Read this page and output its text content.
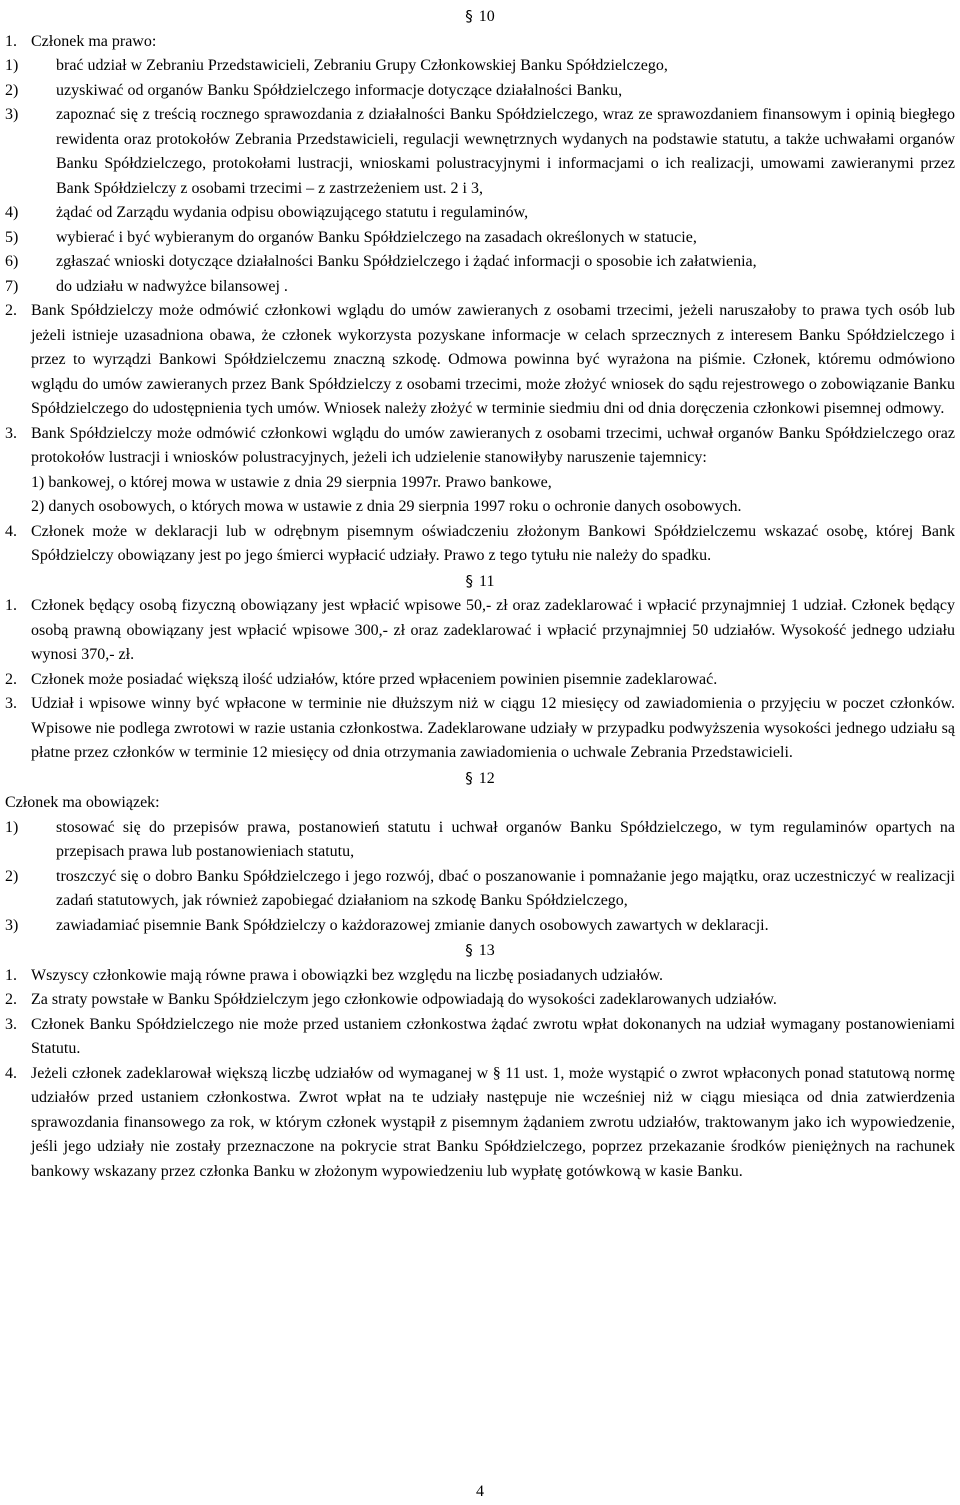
§ 10
1. Członek ma prawo:
1)	brać udział w Zebraniu Przedstawicieli, Zebraniu Grupy Członkowskiej Banku Spółdzielczego,
2)	uzyskiwać od organów Banku Spółdzielczego informacje dotyczące działalności Banku,
3)	zapoznać się z treścią rocznego sprawozdania z działalności Banku Spółdzielczego, wraz ze sprawozdaniem finansowym i opinią biegłego rewidenta oraz protokołów Zebrania Przedstawicieli, regulacji wewnętrznych wydanych na podstawie statutu, a także uchwałami organów Banku Spółdzielczego, protokołami lustracji, wnioskami polustracyjnymi i informacjami o ich realizacji, umowami zawieranymi przez Bank Spółdzielczy z osobami trzecimi – z zastrzeżeniem ust. 2 i 3,
4)	żądać od Zarządu wydania odpisu obowiązującego statutu i regulaminów,
5)	wybierać i być wybieranym do organów Banku Spółdzielczego na zasadach określonych w statucie,
6)	zgłaszać wnioski dotyczące działalności Banku Spółdzielczego i żądać informacji o sposobie ich załatwienia,
7)	do udziału w nadwyżce bilansowej .
2. Bank Spółdzielczy może odmówić członkowi wglądu do umów zawieranych z osobami trzecimi, jeżeli naruszałoby to prawa tych osób lub jeżeli istnieje uzasadniona obawa, że członek wykorzysta pozyskane informacje w celach sprzecznych z interesem Banku Spółdzielczego i przez to wyrządzi Bankowi Spółdzielczemu znaczną szkodę. Odmowa powinna być wyrażona na piśmie. Członek, któremu odmówiono wglądu do umów zawieranych przez Bank Spółdzielczy z osobami trzecimi, może złożyć wniosek do sądu rejestrowego o zobowiązanie Banku Spółdzielczego do udostępnienia tych umów. Wniosek należy złożyć w terminie siedmiu dni od dnia doręczenia członkowi pisemnej odmowy.
3. Bank Spółdzielczy może odmówić członkowi wglądu do umów zawieranych z osobami trzecimi, uchwał organów Banku Spółdzielczego oraz protokołów lustracji i wniosków polustracyjnych, jeżeli ich udzielenie stanowiłyby naruszenie tajemnicy:
1) bankowej, o której mowa w ustawie z dnia 29 sierpnia 1997r. Prawo bankowe,
2) danych osobowych, o których mowa w ustawie z dnia 29 sierpnia 1997 roku o ochronie danych osobowych.
4. Członek może w deklaracji lub w odrębnym pisemnym oświadczeniu złożonym Bankowi Spółdzielczemu wskazać osobę, której Bank Spółdzielczy obowiązany jest po jego śmierci wypłacić udziały. Prawo z tego tytułu nie należy do spadku.
§ 11
1. Członek będący osobą fizyczną obowiązany jest wpłacić wpisowe 50,- zł oraz zadeklarować i wpłacić przynajmniej 1 udział. Członek będący osobą prawną obowiązany jest wpłacić wpisowe 300,- zł oraz zadeklarować i wpłacić przynajmniej 50 udziałów. Wysokość jednego udziału wynosi 370,- zł.
2. Członek może posiadać większą ilość udziałów, które przed wpłaceniem powinien pisemnie zadeklarować.
3. Udział i wpisowe winny być wpłacone w terminie nie dłuższym niż w ciągu 12 miesięcy od zawiadomienia o przyjęciu w poczet członków. Wpisowe nie podlega zwrotowi w razie ustania członkostwa. Zadeklarowane udziały w przypadku podwyższenia wysokości jednego udziału są płatne przez członków w terminie 12 miesięcy od dnia otrzymania zawiadomienia o uchwale Zebrania Przedstawicieli.
§ 12
Członek ma obowiązek:
1)	stosować się do przepisów prawa, postanowień statutu i uchwał organów Banku Spółdzielczego, w tym regulaminów opartych na przepisach prawa lub postanowieniach statutu,
2)	troszczyć się o dobro Banku Spółdzielczego i jego rozwój, dbać o poszanowanie i pomnażanie jego majątku, oraz uczestniczyć w realizacji zadań statutowych, jak również zapobiegać działaniom na szkodę Banku Spółdzielczego,
3)	zawiadamiać pisemnie Bank Spółdzielczy o każdorazowej zmianie danych osobowych zawartych w deklaracji.
§ 13
1. Wszyscy członkowie mają równe prawa i obowiązki bez względu na liczbę posiadanych udziałów.
2. Za straty powstałe w Banku Spółdzielczym jego członkowie odpowiadają do wysokości zadeklarowanych udziałów.
3. Członek Banku Spółdzielczego nie może przed ustaniem członkostwa żądać zwrotu wpłat dokonanych na udział wymagany postanowieniami Statutu.
4. Jeżeli członek zadeklarował większą liczbę udziałów od wymaganej w § 11 ust. 1, może wystąpić o zwrot wpłaconych ponad statutową normę udziałów przed ustaniem członkostwa. Zwrot wpłat na te udziały następuje nie wcześniej niż w ciągu miesiąca od dnia zatwierdzenia sprawozdania finansowego za rok, w którym członek wystąpił z pisemnym żądaniem zwrotu udziałów, traktowanym jako ich wypowiedzenie, jeśli jego udziały nie zostały przeznaczone na pokrycie strat Banku Spółdzielczego, poprzez przekazanie środków pieniężnych na rachunek bankowy wskazany przez członka Banku w złożonym wypowiedzeniu lub wypłatę gotówkową w kasie Banku.
4
